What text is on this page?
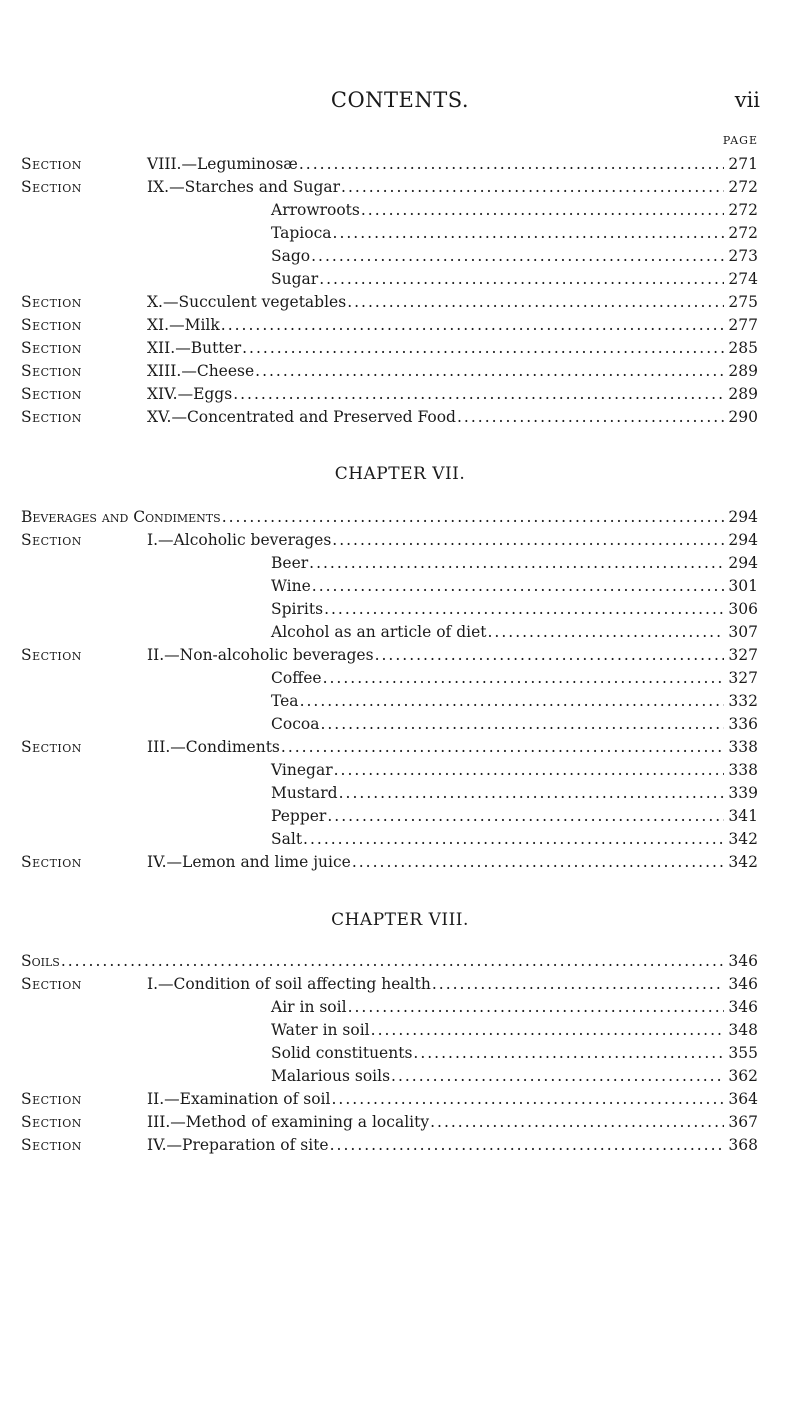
CONTENTS.	vii
PAGE
Section	VIII.—Leguminosæ .....	271
Section	IX.—Starches and Sugar .....	272
Arrowroots .....	272
Tapioca .....	272
Sago .....	273
Sugar .....	274
Section	X.—Succulent vegetables .....	275
Section	XI.—Milk .....	277
Section	XII.—Butter .....	285
Section	XIII.—Cheese .....	289
Section	XIV.—Eggs .....	289
Section	XV.—Concentrated and Preserved Food .....	290
CHAPTER VII.
Beverages and Condiments .....	294
Section	I.—Alcoholic beverages .....	294
Beer .....	294
Wine .....	301
Spirits .....	306
Alcohol as an article of diet .....	307
Section	II.—Non-alcoholic beverages .....	327
Coffee .....	327
Tea .....	332
Cocoa .....	336
Section	III.—Condiments .....	338
Vinegar .....	338
Mustard .....	339
Pepper .....	341
Salt .....	342
Section	IV.—Lemon and lime juice .....	342
CHAPTER VIII.
Soils .....	346
Section	I.—Condition of soil affecting health .....	346
Air in soil .....	346
Water in soil .....	348
Solid constituents .....	355
Malarious soils .....	362
Section	II.—Examination of soil .....	364
Section	III.—Method of examining a locality .....	367
Section	IV.—Preparation of site .....	368
